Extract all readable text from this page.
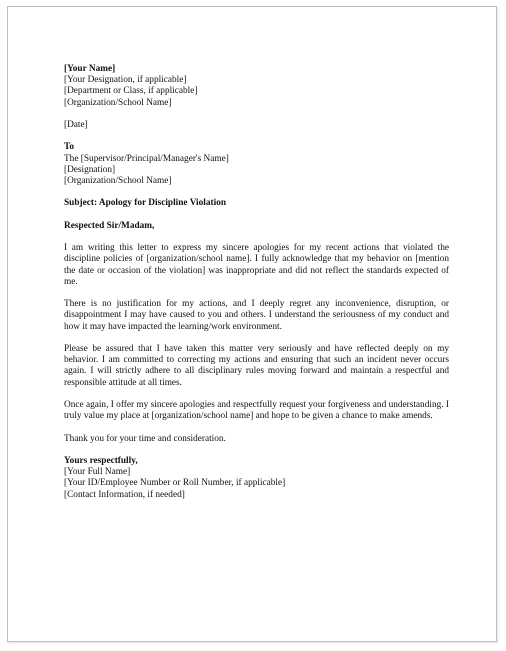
[Your Name]
[Your Designation, if applicable]
[Department or Class, if applicable]
[Organization/School Name]
[Date]
To
The [Supervisor/Principal/Manager's Name]
[Designation]
[Organization/School Name]
Subject: Apology for Discipline Violation
Respected Sir/Madam,

I am writing this letter to express my sincere apologies for my recent actions that violated the discipline policies of [organization/school name]. I fully acknowledge that my behavior on [mention the date or occasion of the violation] was inappropriate and did not reflect the standards expected of me.

There is no justification for my actions, and I deeply regret any inconvenience, disruption, or disappointment I may have caused to you and others. I understand the seriousness of my conduct and how it may have impacted the learning/work environment.

Please be assured that I have taken this matter very seriously and have reflected deeply on my behavior. I am committed to correcting my actions and ensuring that such an incident never occurs again. I will strictly adhere to all disciplinary rules moving forward and maintain a respectful and responsible attitude at all times.

Once again, I offer my sincere apologies and respectfully request your forgiveness and understanding. I truly value my place at [organization/school name] and hope to be given a chance to make amends.

Thank you for your time and consideration.

Yours respectfully,
[Your Full Name]
[Your ID/Employee Number or Roll Number, if applicable]
[Contact Information, if needed]
